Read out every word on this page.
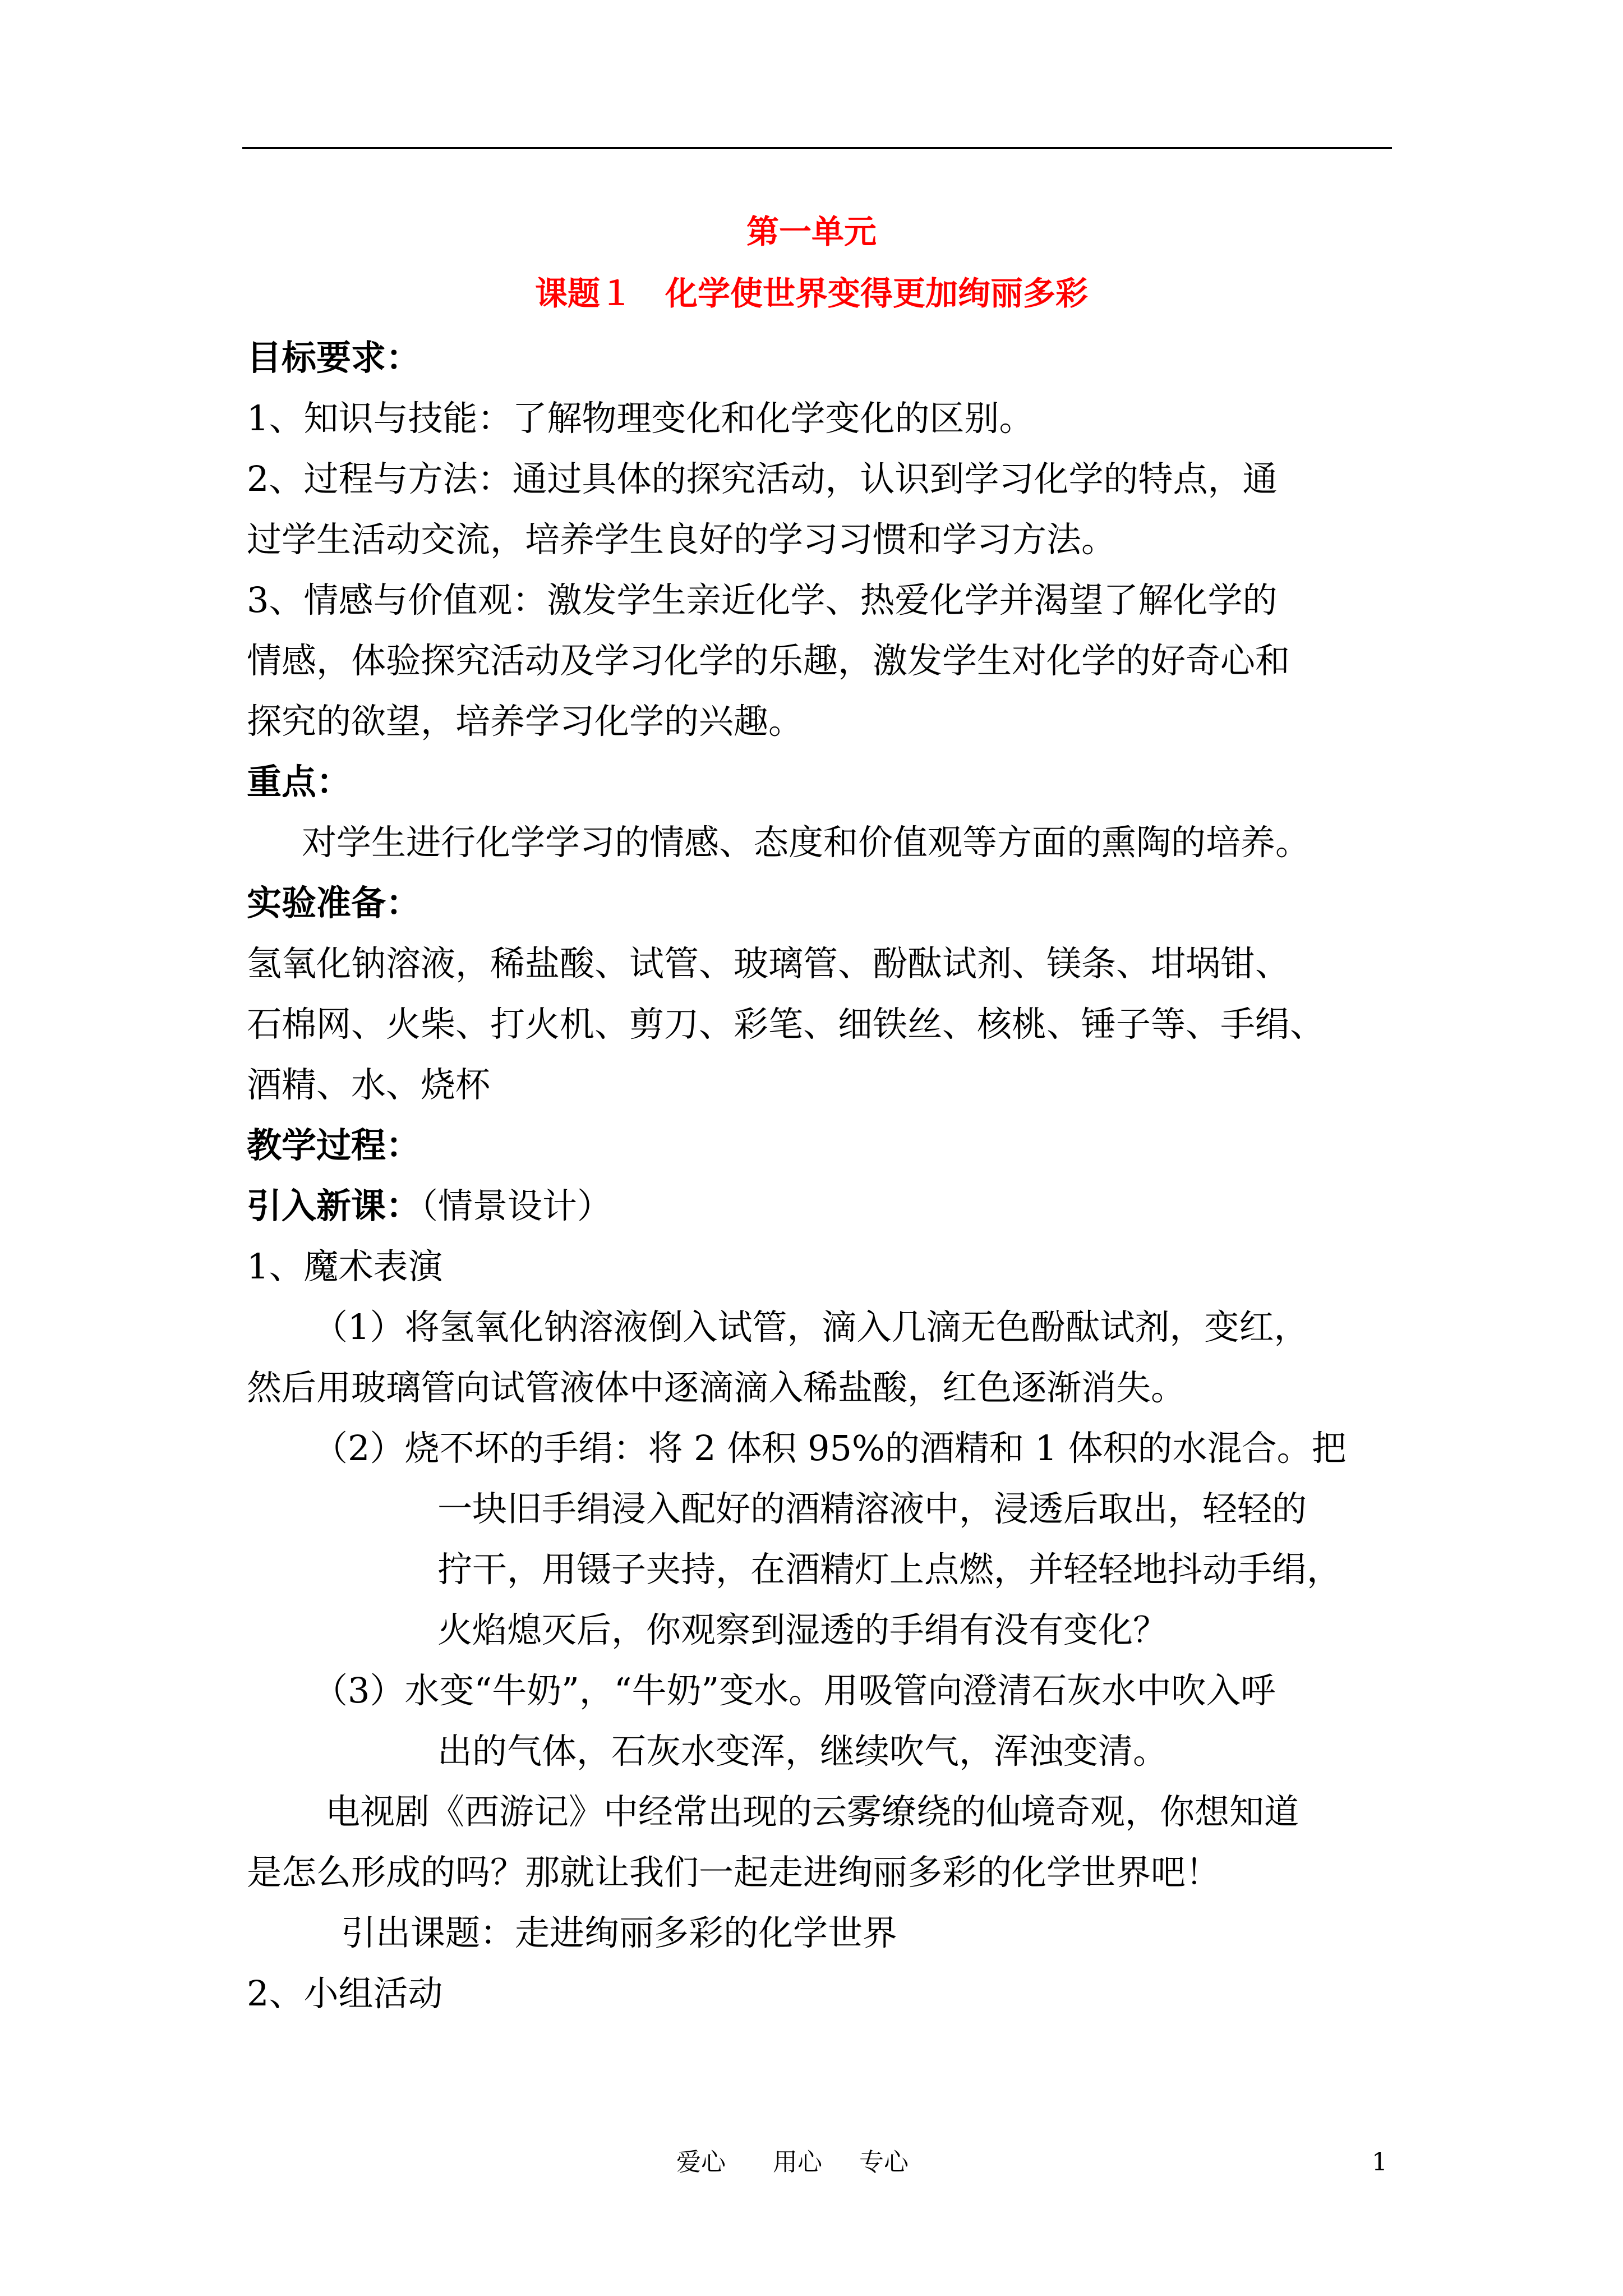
第一单元
课题１　化学使世界变得更加绚丽多彩
目标要求：
1、知识与技能：了解物理变化和化学变化的区别。
2、过程与方法：通过具体的探究活动，认识到学习化学的特点，通
过学生活动交流，培养学生良好的学习习惯和学习方法。
3、情感与价值观：激发学生亲近化学、热爱化学并渴望了解化学的
情感，体验探究活动及学习化学的乐趣，激发学生对化学的好奇心和
探究的欲望，培养学习化学的兴趣。
重点：
对学生进行化学学习的情感、态度和价值观等方面的熏陶的培养。
实验准备：
氢氧化钠溶液，稀盐酸、试管、玻璃管、酚酞试剂、镁条、坩埚钳、
石棉网、火柴、打火机、剪刀、彩笔、细铁丝、核桃、锤子等、手绢、
酒精、水、烧杯
教学过程：
引入新课：（情景设计）
1、魔术表演
（1）将氢氧化钠溶液倒入试管，滴入几滴无色酚酞试剂，变红，
然后用玻璃管向试管液体中逐滴滴入稀盐酸，红色逐渐消失。
（2）烧不坏的手绢：将 2 体积 95%的酒精和 1 体积的水混合。把
一块旧手绢浸入配好的酒精溶液中，浸透后取出，轻轻的
拧干，用镊子夹持，在酒精灯上点燃，并轻轻地抖动手绢，
火焰熄灭后，你观察到湿透的手绢有没有变化？
（3）水变“牛奶”，“牛奶”变水。用吸管向澄清石灰水中吹入呼
出的气体，石灰水变浑，继续吹气，浑浊变清。
电视剧《西游记》中经常出现的云雾缭绕的仙境奇观，你想知道
是怎么形成的吗？那就让我们一起走进绚丽多彩的化学世界吧！
引出课题：走进绚丽多彩的化学世界
2、小组活动
爱心 用心 专心	1
